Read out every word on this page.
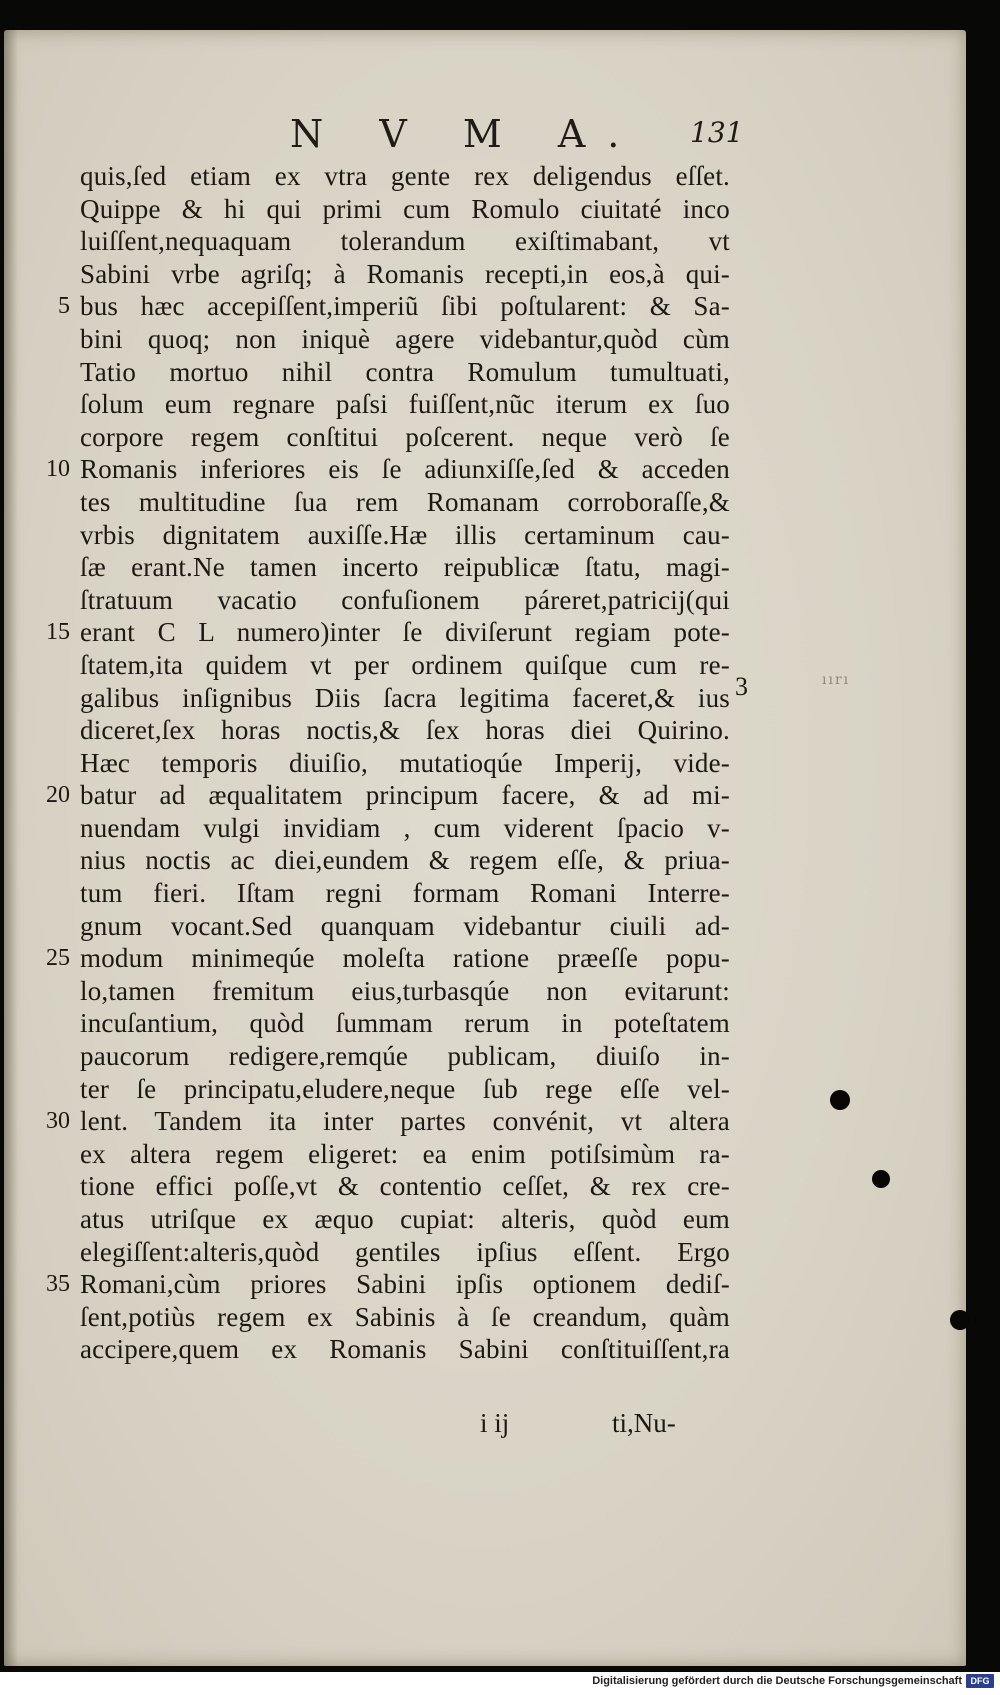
N V M A. 131
quis,ſed etiam ex vtra gente rex deligendus eſſet.
Quippe & hi qui primi cum Romulo ciuitaté inco
luiſſent,nequaquam tolerandum exiſtimabant, vt
Sabini vrbe agriſq; à Romanis recepti,in eos,à qui-
bus hæc accepiſſent,imperiũ ſibi poſtularent: & Sa-
bini quoq; non iniquè agere videbantur,quòd cùm
Tatio mortuo nihil contra Romulum tumultuati,
ſolum eum regnare paſsi fuiſſent,nũc iterum ex ſuo
corpore regem conſtitui poſcerent. neque verò ſe
Romanis inferiores eis ſe adiunxiſſe,ſed & acceden
tes multitudine ſua rem Romanam corroboraſſe,&
vrbis dignitatem auxiſſe.Hæ illis certaminum cau-
ſæ erant.Ne tamen incerto reipublicæ ſtatu, magi-
ſtratuum vacatio confuſionem páreret,patricij(qui
erant C L numero)inter ſe diviſerunt regiam pote-
ſtatem,ita quidem vt per ordinem quiſque cum re-
galibus inſignibus Diis ſacra legitima faceret,& ius
diceret,ſex horas noctis,& ſex horas diei Quirino.
Hæc temporis diuiſio, mutatioqúe Imperij, vide-
batur ad æqualitatem principum facere, & ad mi-
nuendam vulgi invidiam , cum viderent ſpacio v-
nius noctis ac diei,eundem & regem eſſe, & priua-
tum fieri. Iſtam regni formam Romani Interre-
gnum vocant.Sed quanquam videbantur ciuili ad-
modum minimeqúe moleſta ratione præeſſe popu-
lo,tamen fremitum eius,turbasqúe non evitarunt:
incuſantium, quòd ſummam rerum in poteſtatem
paucorum redigere,remqúe publicam, diuiſo in-
ter ſe principatu,eludere,neque ſub rege eſſe vel-
lent. Tandem ita inter partes convénit, vt altera
ex altera regem eligeret: ea enim potiſsimùm ra-
tione effici poſſe,vt & contentio ceſſet, & rex cre-
atus utriſque ex æquo cupiat: alteris, quòd eum
elegiſſent:alteris,quòd gentiles ipſius eſſent. Ergo
Romani,cùm priores Sabini ipſis optionem dediſ-
ſent,potiùs regem ex Sabinis à ſe creandum, quàm
accipere,quem ex Romanis Sabini conſtituiſſent,ra
5
10
15
20
25
30
35
3	ıırı
i ij	ti,Nu-
Digitalisierung gefördert durch die Deutsche Forschungsgemeinschaft DFG
